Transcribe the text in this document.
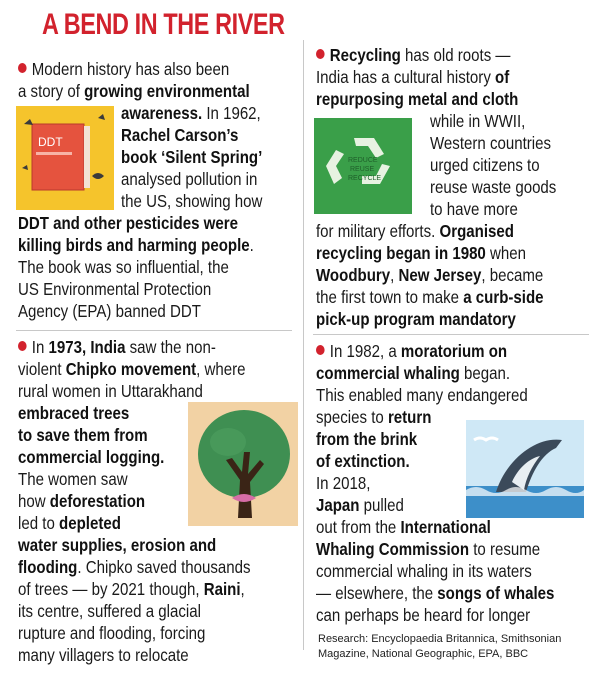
A BEND IN THE RIVER
DDT
REDUCE
REUSE
RECYCLE
Modern history has also been
a story of growing environmental
awareness. In 1962,
Rachel Carson’s
book ‘Silent Spring’
analysed pollution in
the US, showing how
DDT and other pesticides were
killing birds and harming people.
The book was so influential, the
US Environmental Protection
Agency (EPA) banned DDT
In 1973, India saw the non-
violent Chipko movement, where
rural women in Uttarakhand
embraced trees
to save them from
commercial logging.
The women saw
how deforestation
led to depleted
water supplies, erosion and
flooding. Chipko saved thousands
of trees — by 2021 though, Raini,
its centre, suffered a glacial
rupture and flooding, forcing
many villagers to relocate
Recycling has old roots —
India has a cultural history of
repurposing metal and cloth
while in WWII,
Western countries
urged citizens to
reuse waste goods
to have more
for military efforts. Organised
recycling began in 1980 when
Woodbury, New Jersey, became
the first town to make a curb-side
pick-up program mandatory
In 1982, a moratorium on
commercial whaling began.
This enabled many endangered
species to return
from the brink
of extinction.
In 2018,
Japan pulled
out from the International
Whaling Commission to resume
commercial whaling in its waters
— elsewhere, the songs of whales
can perhaps be heard for longer
Research: Encyclopaedia Britannica, Smithsonian
Magazine, National Geographic, EPA, BBC
